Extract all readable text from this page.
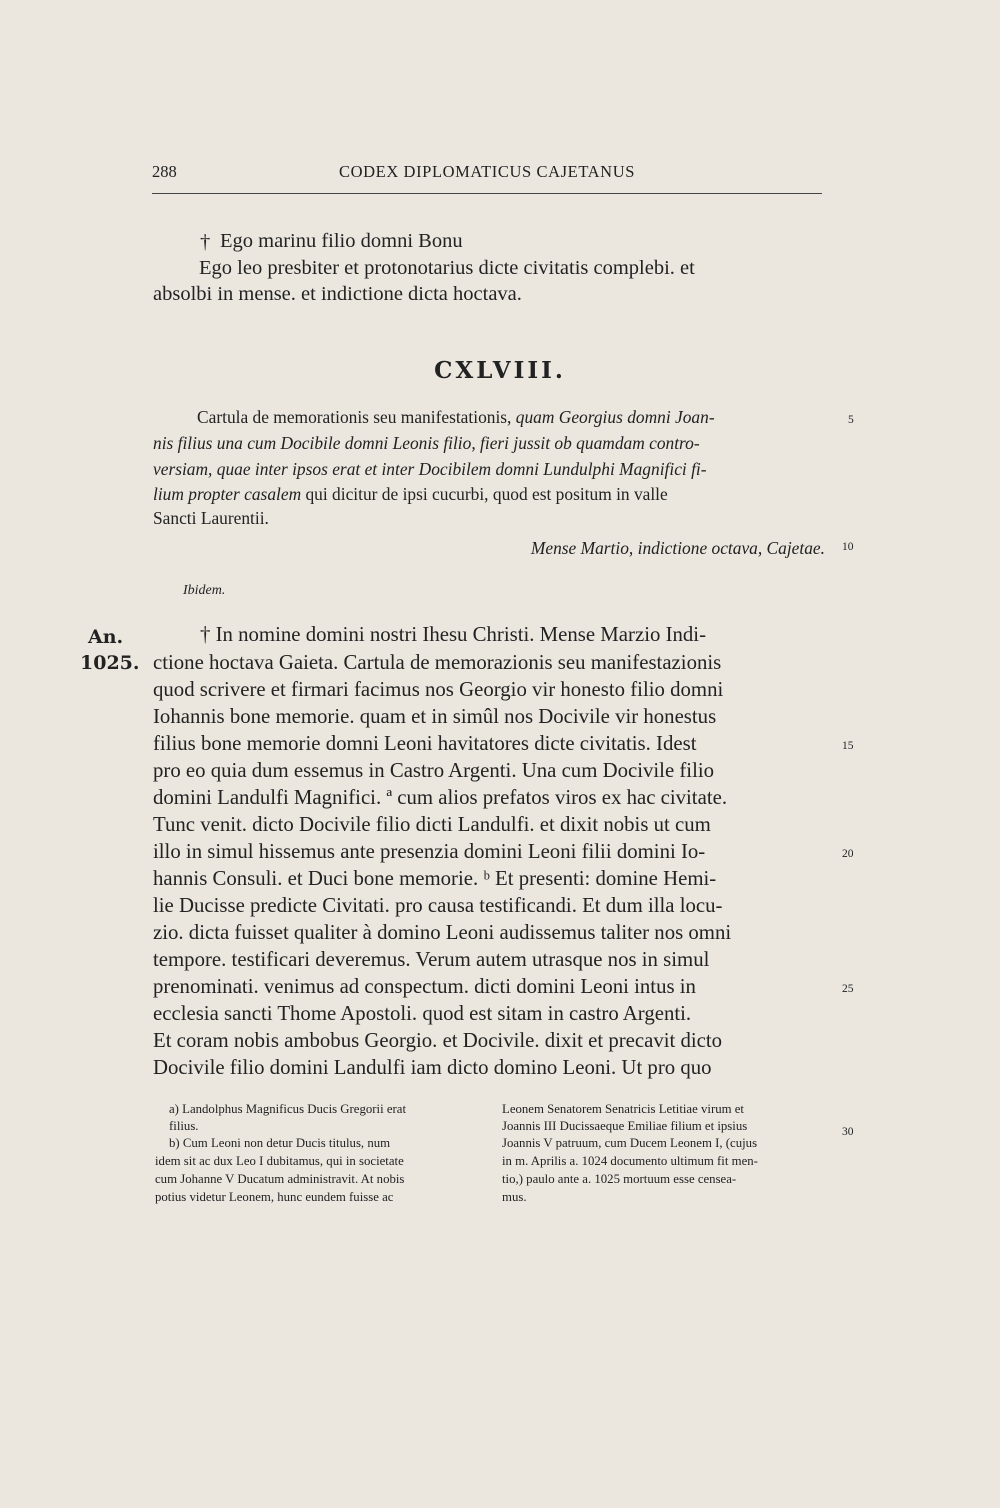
288	CODEX DIPLOMATICUS CAJETANUS
† Ego marinu filio domni Bonu
Ego leo presbiter et protonotarius dicte civitatis complebi. et
absolbi in mense. et indictione dicta hoctava.
CXLVIII.
Cartula de memorationis seu manifestationis, quam Georgius domni Joan-
nis filius una cum Docibile domni Leonis filio, fieri jussit ob quamdam contro-
versiam, quae inter ipsos erat et inter Docibilem domni Lundulphi Magnifici fi-
lium propter casalem qui dicitur de ipsi cucurbi, quod est positum in valle
Sancti Laurentii.
Mense Martio, indictione octava, Cajetae.
Ibidem.
An.
1025.
† In nomine domini nostri Ihesu Christi. Mense Marzio Indi-
ctione hoctava Gaieta. Cartula de memorazionis seu manifestazionis
quod scrivere et firmari facimus nos Georgio vir honesto filio domni
Iohannis bone memorie. quam et in simûl nos Docivile vir honestus
filius bone memorie domni Leoni havitatores dicte civitatis. Idest
pro eo quia dum essemus in Castro Argenti. Una cum Docivile filio
domini Landulfi Magnifici. ª cum alios prefatos viros ex hac civitate.
Tunc venit. dicto Docivile filio dicti Landulfi. et dixit nobis ut cum
illo in simul hissemus ante presenzia domini Leoni filii domini Io-
hannis Consuli. et Duci bone memorie. ᵇ Et presenti: domine Hemi-
lie Ducisse predicte Civitati. pro causa testificandi. Et dum illa locu-
zio. dicta fuisset qualiter à domino Leoni audissemus taliter nos omni
tempore. testificari deveremus. Verum autem utrasque nos in simul
prenominati. venimus ad conspectum. dicti domini Leoni intus in
ecclesia sancti Thome Apostoli. quod est sitam in castro Argenti.
Et coram nobis ambobus Georgio. et Docivile. dixit et precavit dicto
Docivile filio domini Landulfi iam dicto domino Leoni. Ut pro quo
5
10
15
20
25
30
a) Landolphus Magnificus Ducis Gregorii erat
filius.
b) Cum Leoni non detur Ducis titulus, num
idem sit ac dux Leo I dubitamus, qui in societate
cum Johanne V Ducatum administravit. At nobis
potius videtur Leonem, hunc eundem fuisse ac
Leonem Senatorem Senatricis Letitiae virum et
Joannis III Ducissaeque Emiliae filium et ipsius
Joannis V patruum, cum Ducem Leonem I, (cujus
in m. Aprilis a. 1024 documento ultimum fit men-
tio,) paulo ante a. 1025 mortuum esse censea-
mus.
